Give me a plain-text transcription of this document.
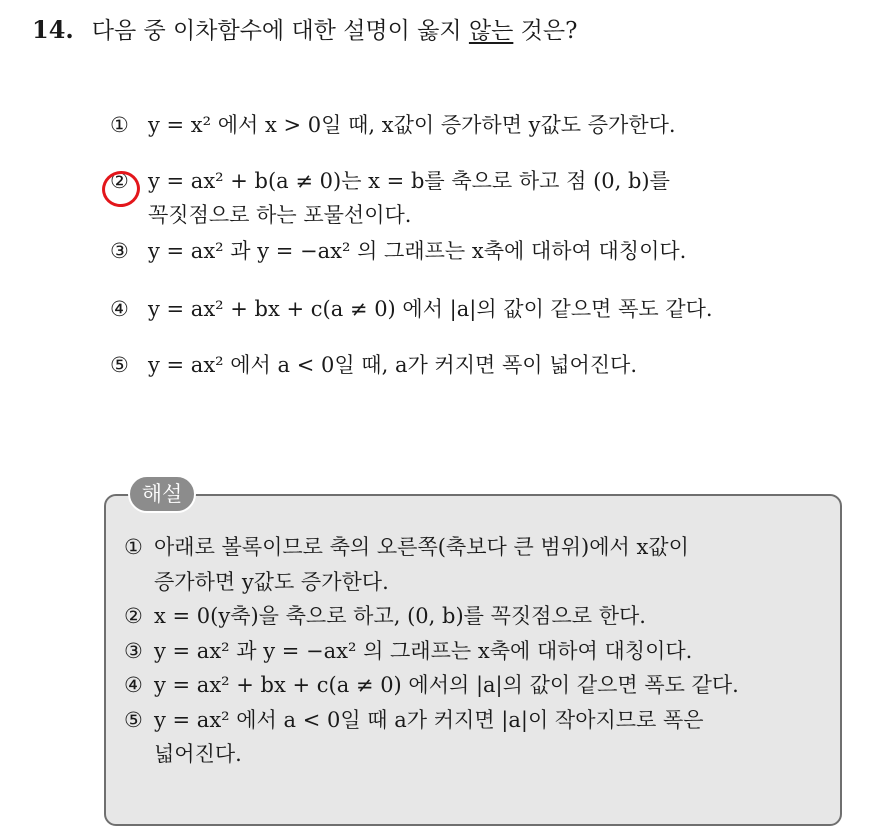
14. 다음 중 이차함수에 대한 설명이 옳지 않는 것은?
① y = x² 에서 x > 0일 때, x값이 증가하면 y값도 증가한다.
② y = ax² + b(a ≠ 0)는 x = b를 축으로 하고 점 (0, b)를
꼭짓점으로 하는 포물선이다.
③ y = ax² 과 y = −ax² 의 그래프는 x축에 대하여 대칭이다.
④ y = ax² + bx + c(a ≠ 0) 에서 |a|의 값이 같으면 폭도 같다.
⑤ y = ax² 에서 a < 0일 때, a가 커지면 폭이 넓어진다.
해설
① 아래로 볼록이므로 축의 오른쪽(축보다 큰 범위)에서 x값이
증가하면 y값도 증가한다.
② x = 0(y축)을 축으로 하고, (0, b)를 꼭짓점으로 한다.
③ y = ax² 과 y = −ax² 의 그래프는 x축에 대하여 대칭이다.
④ y = ax² + bx + c(a ≠ 0) 에서의 |a|의 값이 같으면 폭도 같다.
⑤ y = ax² 에서 a < 0일 때 a가 커지면 |a|이 작아지므로 폭은
넓어진다.
